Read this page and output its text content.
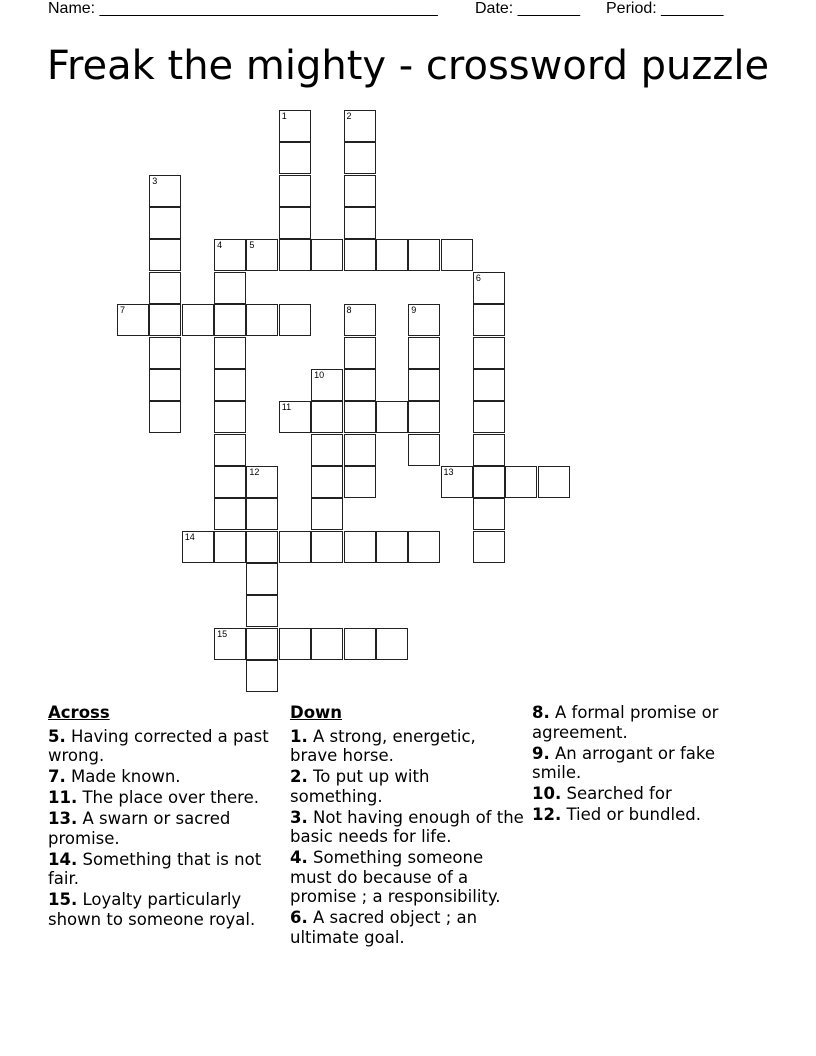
Name: ______________________________________ Date: _______ Period: _______
Freak the mighty - crossword puzzle
1	2
3
4	5
6
7	8	9
10
11
12	13
14
15
Across
5. Having corrected a past wrong.
7. Made known.
11. The place over there.
13. A swarn or sacred promise.
14. Something that is not fair.
15. Loyalty particularly shown to someone royal.
Down
1. A strong, energetic, brave horse.
2. To put up with something.
3. Not having enough of the basic needs for life.
4. Something someone must do because of a promise ; a responsibility.
6. A sacred object ; an ultimate goal.
8. A formal promise or agreement.
9. An arrogant or fake smile.
10. Searched for
12. Tied or bundled.
